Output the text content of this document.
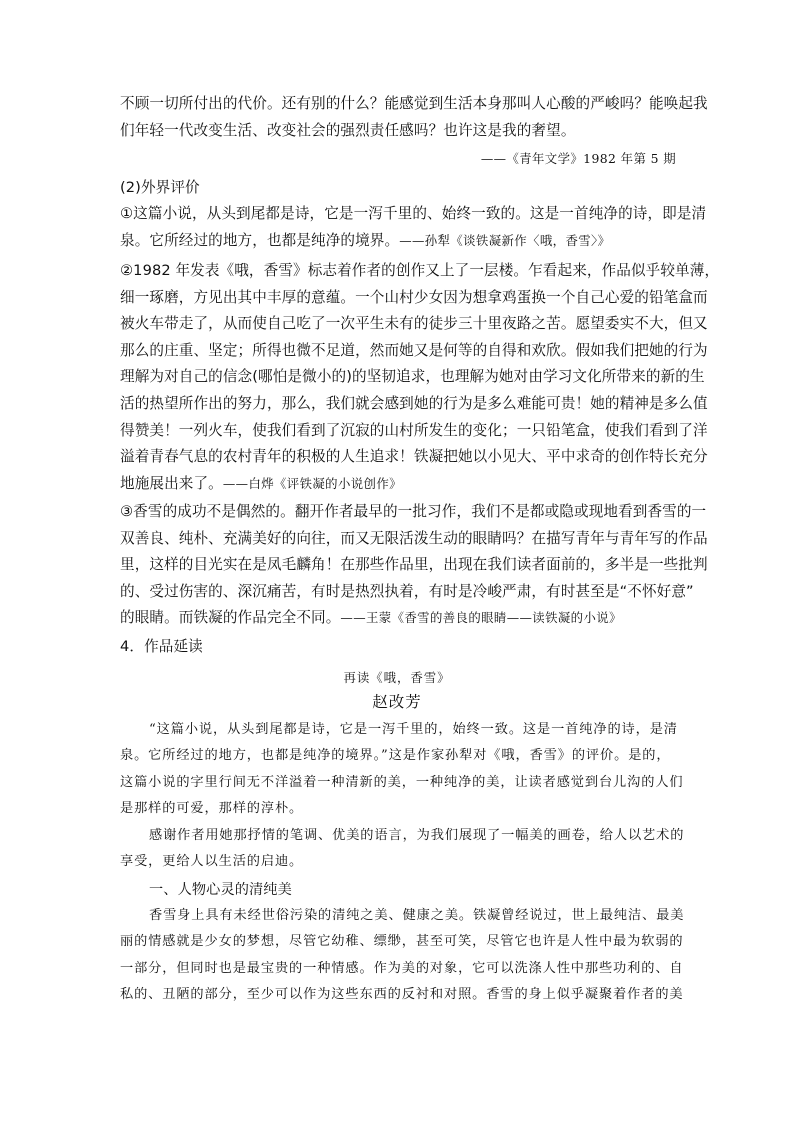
不顾一切所付出的代价。还有别的什么？能感觉到生活本身那叫人心酸的严峻吗？能唤起我
们年轻一代改变生活、改变社会的强烈责任感吗？也许这是我的奢望。
——《青年文学》1982 年第 5 期
(2)外界评价
①这篇小说，从头到尾都是诗，它是一泻千里的、始终一致的。这是一首纯净的诗，即是清
泉。它所经过的地方，也都是纯净的境界。——孙犁《谈铁凝新作〈哦，香雪〉》
②1982 年发表《哦，香雪》标志着作者的创作又上了一层楼。乍看起来，作品似乎较单薄，
细一琢磨，方见出其中丰厚的意蕴。一个山村少女因为想拿鸡蛋换一个自己心爱的铅笔盒而
被火车带走了，从而使自己吃了一次平生未有的徒步三十里夜路之苦。愿望委实不大，但又
那么的庄重、坚定；所得也微不足道，然而她又是何等的自得和欢欣。假如我们把她的行为
理解为对自己的信念(哪怕是微小的)的坚韧追求，也理解为她对由学习文化所带来的新的生
活的热望所作出的努力，那么，我们就会感到她的行为是多么难能可贵！她的精神是多么值
得赞美！一列火车，使我们看到了沉寂的山村所发生的变化；一只铅笔盒，使我们看到了洋
溢着青春气息的农村青年的积极的人生追求！铁凝把她以小见大、平中求奇的创作特长充分
地施展出来了。——白烨《评铁凝的小说创作》
③香雪的成功不是偶然的。翻开作者最早的一批习作，我们不是都或隐或现地看到香雪的一
双善良、纯朴、充满美好的向往，而又无限活泼生动的眼睛吗？在描写青年与青年写的作品
里，这样的目光实在是凤毛麟角！在那些作品里，出现在我们读者面前的，多半是一些批判
的、受过伤害的、深沉痛苦，有时是热烈执着，有时是冷峻严肃，有时甚至是“不怀好意”
的眼睛。而铁凝的作品完全不同。——王蒙《香雪的善良的眼睛——读铁凝的小说》
4．作品延读
再读《哦，香雪》
赵改芳
“这篇小说，从头到尾都是诗，它是一泻千里的，始终一致。这是一首纯净的诗，是清
泉。它所经过的地方，也都是纯净的境界。”这是作家孙犁对《哦，香雪》的评价。是的，
这篇小说的字里行间无不洋溢着一种清新的美，一种纯净的美，让读者感觉到台儿沟的人们
是那样的可爱，那样的淳朴。
感谢作者用她那抒情的笔调、优美的语言，为我们展现了一幅美的画卷，给人以艺术的
享受，更给人以生活的启迪。
一、人物心灵的清纯美
香雪身上具有未经世俗污染的清纯之美、健康之美。铁凝曾经说过，世上最纯洁、最美
丽的情感就是少女的梦想，尽管它幼稚、缥缈，甚至可笑，尽管它也许是人性中最为软弱的
一部分，但同时也是最宝贵的一种情感。作为美的对象，它可以洗涤人性中那些功利的、自
私的、丑陋的部分，至少可以作为这些东西的反衬和对照。香雪的身上似乎凝聚着作者的美
